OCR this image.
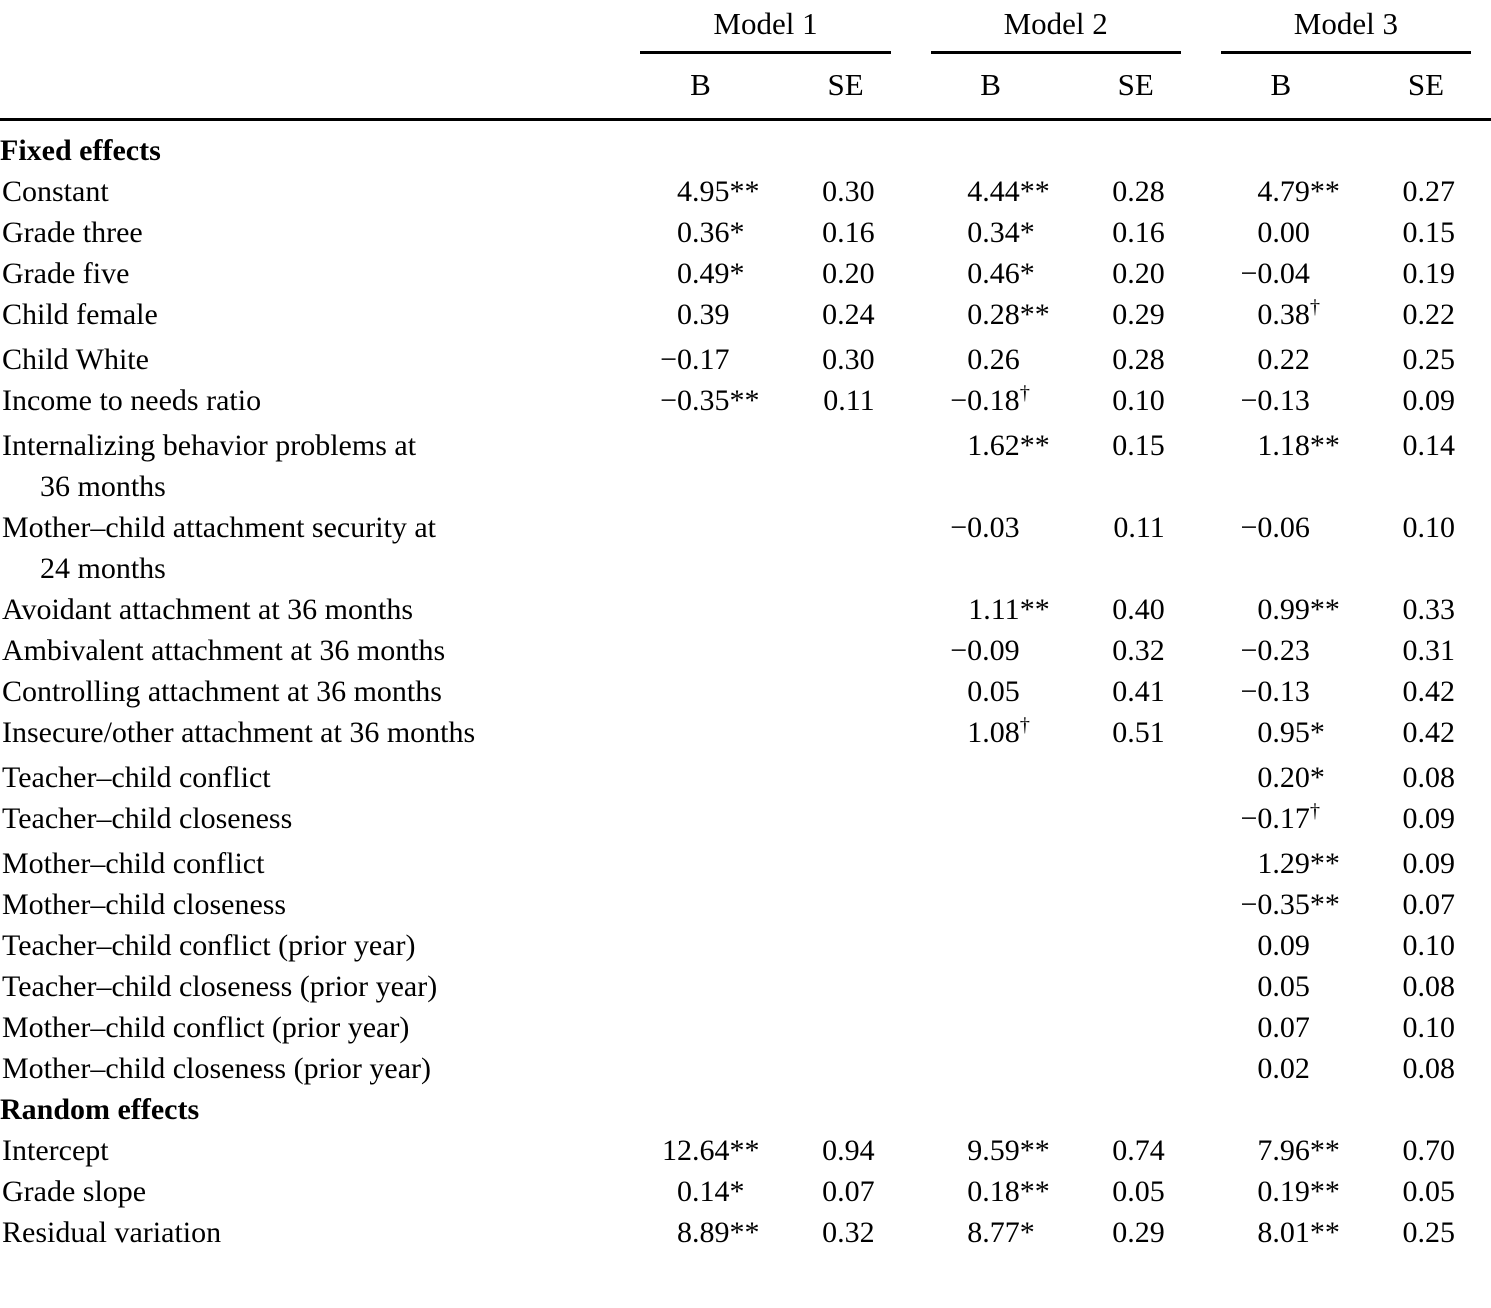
	Model 1		Model 2		Model 3	

	B	SE	B	SE	B	SE
Fixed effects						

Constant	4.95**	0.30	4.44**	0.28	4.79**	0.27

Grade three	0.36*	0.16	0.34*	0.16	0.00	0.15

Grade five	0.49*	0.20	0.46*	0.20	−0.04	0.19

Child female	0.39	0.24	0.28**	0.29	0.38†	0.22

Child White	−0.17	0.30	0.26	0.28	0.22	0.25

Income to needs ratio	−0.35**	0.11	−0.18†	0.10	−0.13	0.09

Internalizing behavior problems at
36 months			1.62**	0.15	1.18**	0.14

Mother–child attachment security at
24 months			−0.03	0.11	−0.06	0.10

Avoidant attachment at 36 months			1.11**	0.40	0.99**	0.33

Ambivalent attachment at 36 months			−0.09	0.32	−0.23	0.31

Controlling attachment at 36 months			0.05	0.41	−0.13	0.42

Insecure/other attachment at 36 months			1.08†	0.51	0.95*	0.42

Teacher–child conflict					0.20*	0.08

Teacher–child closeness					−0.17†	0.09

Mother–child conflict					1.29**	0.09

Mother–child closeness					−0.35**	0.07

Teacher–child conflict (prior year)					0.09	0.10

Teacher–child closeness (prior year)					0.05	0.08

Mother–child conflict (prior year)					0.07	0.10

Mother–child closeness (prior year)					0.02	0.08
Random effects						

Intercept	12.64**	0.94	9.59**	0.74	7.96**	0.70

Grade slope	0.14*	0.07	0.18**	0.05	0.19**	0.05

Residual variation	8.89**	0.32	8.77*	0.29	8.01**	0.25
